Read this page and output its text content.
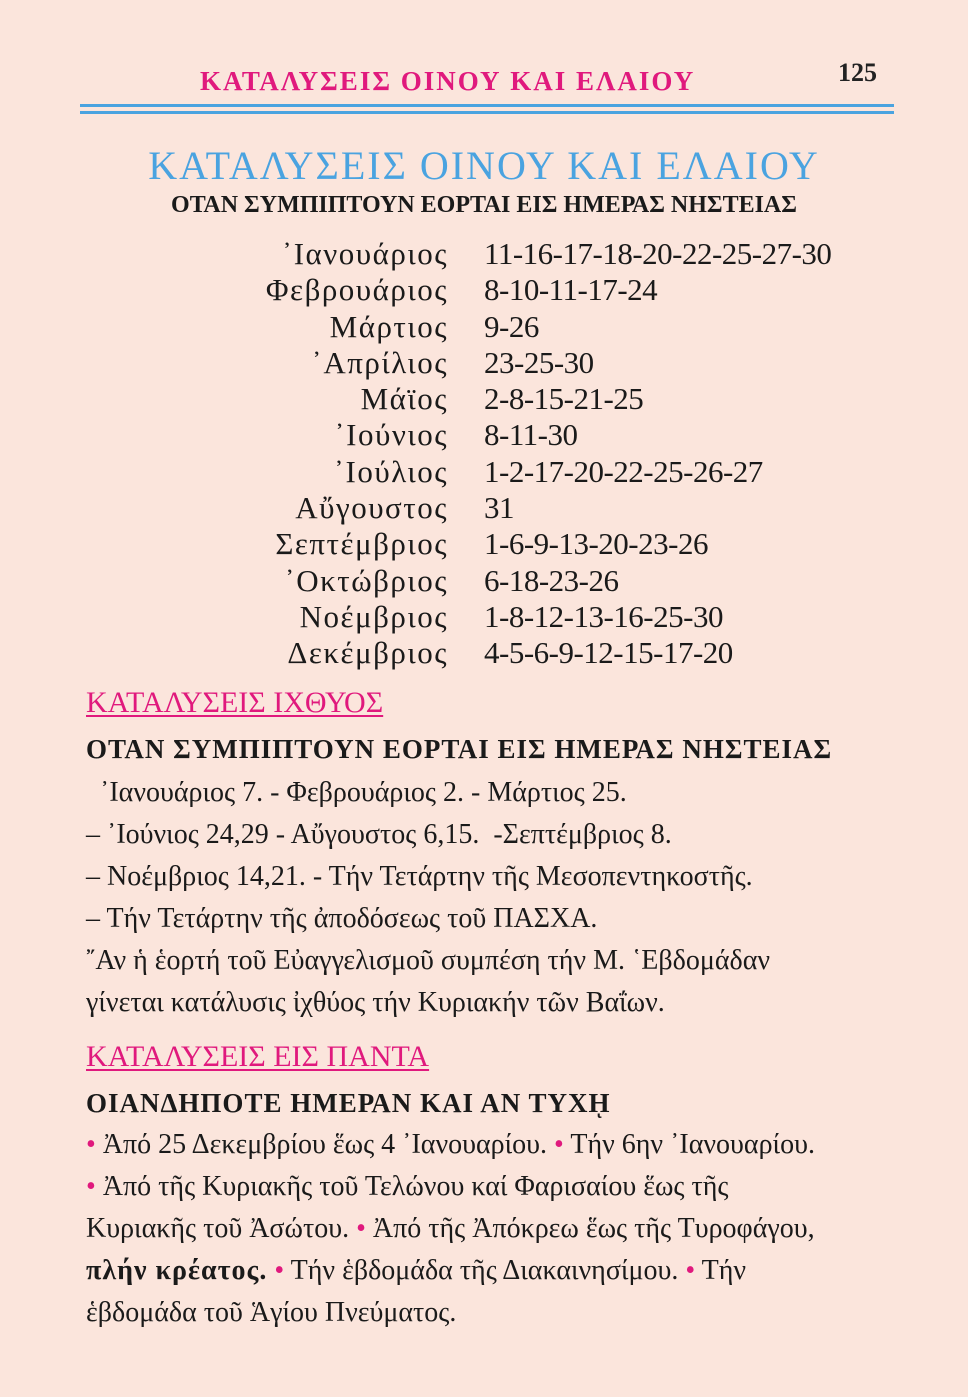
ΚΑΤΑΛΥΣΕΙΣ ΟΙΝΟΥ ΚΑΙ ΕΛΑΙΟΥ	125
ΚΑΤΑΛΥΣΕΙΣ ΟΙΝΟΥ ΚΑΙ ΕΛΑΙΟΥ
ΟΤΑΝ ΣΥΜΠΙΠΤΟΥΝ ΕΟΡΤΑΙ ΕΙΣ ΗΜΕΡΑΣ ΝΗΣΤΕΙΑΣ
᾿Ιανουάριος 11-16-17-18-20-22-25-27-30
Φεβρουάριος 8-10-11-17-24
Μάρτιος 9-26
᾿Απρίλιος 23-25-30
Μάϊος 2-8-15-21-25
᾿Ιούνιος 8-11-30
᾿Ιούλιος 1-2-17-20-22-25-26-27
Αὔγουστος 31
Σεπτέμβριος 1-6-9-13-20-23-26
᾿Οκτώβριος 6-18-23-26
Νοέμβριος 1-8-12-13-16-25-30
Δεκέμβριος 4-5-6-9-12-15-17-20
ΚΑΤΑΛΥΣΕΙΣ ΙΧΘΥΟΣ
ΟΤΑΝ ΣΥΜΠΙΠΤΟΥΝ ΕΟΡΤΑΙ ΕΙΣ ΗΜΕΡΑΣ ΝΗΣΤΕΙΑΣ
᾿Ιανουάριος 7. - Φεβρουάριος 2. - Μάρτιος 25.
– ᾿Ιούνιος 24,29 - Αὔγουστος 6,15.  -Σεπτέμβριος 8.
– Νοέμβριος 14,21. - Τήν Τετάρτην τῆς Μεσοπεντηκοστῆς.
– Τήν Τετάρτην τῆς ἀποδόσεως τοῦ ΠΑΣΧΑ.
῎Αν ἡ ἑορτή τοῦ Εὐαγγελισμοῦ συμπέση τήν Μ. ῾Εβδομάδαν
γίνεται κατάλυσις ἰχθύος τήν Κυριακήν τῶν Βαΐων.
ΚΑΤΑΛΥΣΕΙΣ ΕΙΣ ΠΑΝΤΑ
ΟΙΑΝΔΗΠΟΤΕ ΗΜΕΡΑΝ ΚΑΙ ΑΝ ΤΥΧῌ
• Ἀπό 25 Δεκεμβρίου ἕως 4 ᾿Ιανουαρίου. • Τήν 6ην ᾿Ιανουαρίου.
• Ἀπό τῆς Κυριακῆς τοῦ Τελώνου καί Φαρισαίου ἕως τῆς
Κυριακῆς τοῦ Ἀσώτου. • Ἀπό τῆς Ἀπόκρεω ἕως τῆς Τυροφάγου,
πλήν κρέατος. • Τήν ἑβδομάδα τῆς Διακαινησίμου. • Τήν
ἑβδομάδα τοῦ Ἁγίου Πνεύματος.
